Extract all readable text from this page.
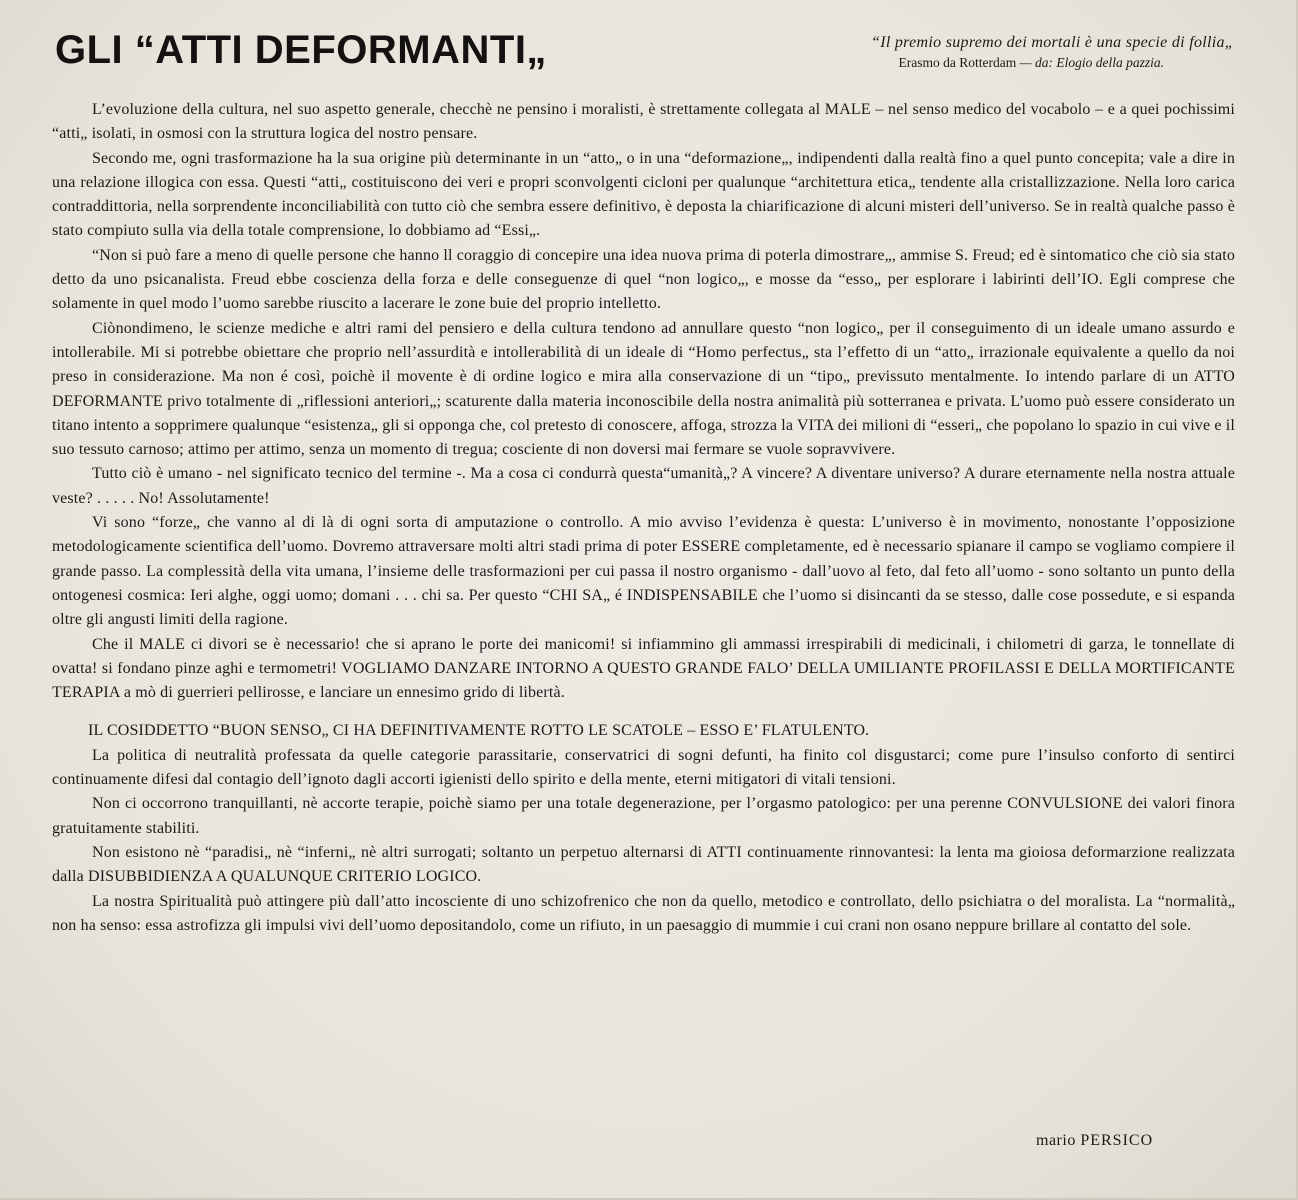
GLI “ATTI DEFORMANTI„	“Il premio supremo dei mortali è una specie di follia„
Erasmo da Rotterdam — da: Elogio della pazzia.

L’evoluzione della cultura, nel suo aspetto generale, checchè ne pensino i moralisti, è strettamente collegata al MALE – nel senso medico del vocabolo – e a quei pochissimi “atti„ isolati, in osmosi con la struttura logica del nostro pensare.

Secondo me, ogni trasformazione ha la sua origine più determinante in un “atto„ o in una “deformazione„, indipendenti dalla realtà fino a quel punto concepita; vale a dire in una relazione illogica con essa. Questi “atti„ costituiscono dei veri e propri sconvolgenti cicloni per qualunque “architettura etica„ tendente alla cristallizzazione. Nella loro carica contraddittoria, nella sorprendente inconciliabilità con tutto ciò che sembra essere definitivo, è deposta la chiarificazione di alcuni misteri dell’universo. Se in realtà qualche passo è stato compiuto sulla via della totale comprensione, lo dobbiamo ad “Essi„.

“Non si può fare a meno di quelle persone che hanno ll coraggio di concepire una idea nuova prima di poterla dimostrare„, ammise S. Freud; ed è sintomatico che ciò sia stato detto da uno psicanalista. Freud ebbe coscienza della forza e delle conseguenze di quel “non logico„, e mosse da “esso„ per esplorare i labirinti dell’IO. Egli comprese che solamente in quel modo l’uomo sarebbe riuscito a lacerare le zone buie del proprio intelletto.

Ciònondimeno, le scienze mediche e altri rami del pensiero e della cultura tendono ad annullare questo “non logico„ per il conseguimento di un ideale umano assurdo e intollerabile. Mi si potrebbe obiettare che proprio nell’assurdità e intollerabilità di un ideale di “Homo perfectus„ sta l’effetto di un “atto„ irrazionale equivalente a quello da noi preso in considerazione. Ma non é così, poichè il movente è di ordine logico e mira alla conservazione di un “tipo„ previssuto mentalmente. Io intendo parlare di un ATTO DEFORMANTE privo totalmente di „riflessioni anteriori„; scaturente dalla materia inconoscibile della nostra animalità più sotterranea e privata. L’uomo può essere considerato un titano intento a sopprimere qualunque “esistenza„ gli si opponga che, col pretesto di conoscere, affoga, strozza la VITA dei milioni di “esseri„ che popolano lo spazio in cui vive e il suo tessuto carnoso; attimo per attimo, senza un momento di tregua; cosciente di non doversi mai fermare se vuole sopravvivere.

Tutto ciò è umano - nel significato tecnico del termine -. Ma a cosa ci condurrà questa“umanità„? A vincere? A diventare universo? A durare eternamente nella nostra attuale veste? . . . . . No! Assolutamente!

Vi sono “forze„ che vanno al di là di ogni sorta di amputazione o controllo. A mio avviso l’evidenza è questa: L’universo è in movimento, nonostante l’opposizione metodologicamente scientifica dell’uomo. Dovremo attraversare molti altri stadi prima di poter ESSERE completamente, ed è necessario spianare il campo se vogliamo compiere il grande passo. La complessità della vita umana, l’insieme delle trasformazioni per cui passa il nostro organismo - dall’uovo al feto, dal feto all’uomo - sono soltanto un punto della ontogenesi cosmica: Ieri alghe, oggi uomo; domani . . . chi sa. Per questo “CHI SA„ é INDISPENSABILE che l’uomo si disincanti da se stesso, dalle cose possedute, e si espanda oltre gli angusti limiti della ragione.

Che il MALE ci divori se è necessario! che si aprano le porte dei manicomi! si infiammino gli ammassi irrespirabili di medicinali, i chilometri di garza, le tonnellate di ovatta! si fondano pinze aghi e termometri! VOGLIAMO DANZARE INTORNO A QUESTO GRANDE FALO’ DELLA UMILIANTE PROFILASSI E DELLA MORTIFICANTE TERAPIA a mò di guerrieri pellirosse, e lanciare un ennesimo grido di libertà.

IL COSIDDETTO “BUON SENSO„ CI HA DEFINITIVAMENTE ROTTO LE SCATOLE – ESSO E’ FLATULENTO.

La politica di neutralità professata da quelle categorie parassitarie, conservatrici di sogni defunti, ha finito col disgustarci; come pure l’insulso conforto di sentirci continuamente difesi dal contagio dell’ignoto dagli accorti igienisti dello spirito e della mente, eterni mitigatori di vitali tensioni.

Non ci occorrono tranquillanti, nè accorte terapie, poichè siamo per una totale degenerazione, per l’orgasmo patologico: per una perenne CONVULSIONE dei valori finora gratuitamente stabiliti.

Non esistono nè “paradisi„ nè “inferni„ nè altri surrogati; soltanto un perpetuo alternarsi di ATTI continuamente rinnovantesi: la lenta ma gioiosa deformarzione realizzata dalla DISUBBIDIENZA A QUALUNQUE CRITERIO LOGICO.

La nostra Spiritualità può attingere più dall’atto incosciente di uno schizofrenico che non da quello, metodico e controllato, dello psichiatra o del moralista. La “normalità„ non ha senso: essa astrofizza gli impulsi vivi dell’uomo depositandolo, come un rifiuto, in un paesaggio di mummie i cui crani non osano neppure brillare al contatto del sole.

mario PERSICO
